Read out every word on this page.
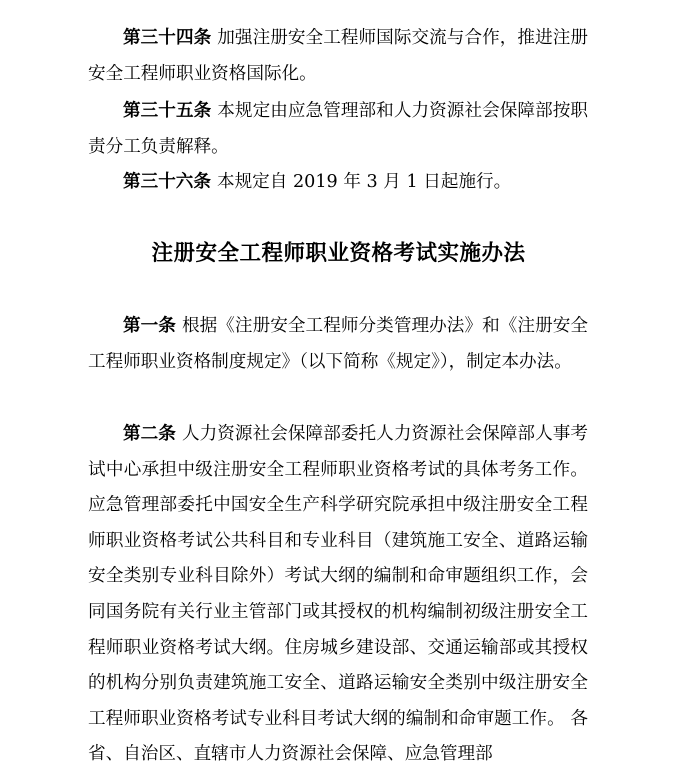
第三十四条 加强注册安全工程师国际交流与合作，推进注册安全工程师职业资格国际化。

第三十五条 本规定由应急管理部和人力资源社会保障部按职责分工负责解释。

第三十六条 本规定自 2019 年 3 月 1 日起施行。

注册安全工程师职业资格考试实施办法

第一条 根据《注册安全工程师分类管理办法》和《注册安全工程师职业资格制度规定》（以下简称《规定》），制定本办法。

第二条 人力资源社会保障部委托人力资源社会保障部人事考试中心承担中级注册安全工程师职业资格考试的具体考务工作。应急管理部委托中国安全生产科学研究院承担中级注册安全工程师职业资格考试公共科目和专业科目（建筑施工安全、道路运输安全类别专业科目除外）考试大纲的编制和命审题组织工作，会同国务院有关行业主管部门或其授权的机构编制初级注册安全工程师职业资格考试大纲。住房城乡建设部、交通运输部或其授权的机构分别负责建筑施工安全、道路运输安全类别中级注册安全工程师职业资格考试专业科目考试大纲的编制和命审题工作。 各省、自治区、直辖市人力资源社会保障、应急管理部
